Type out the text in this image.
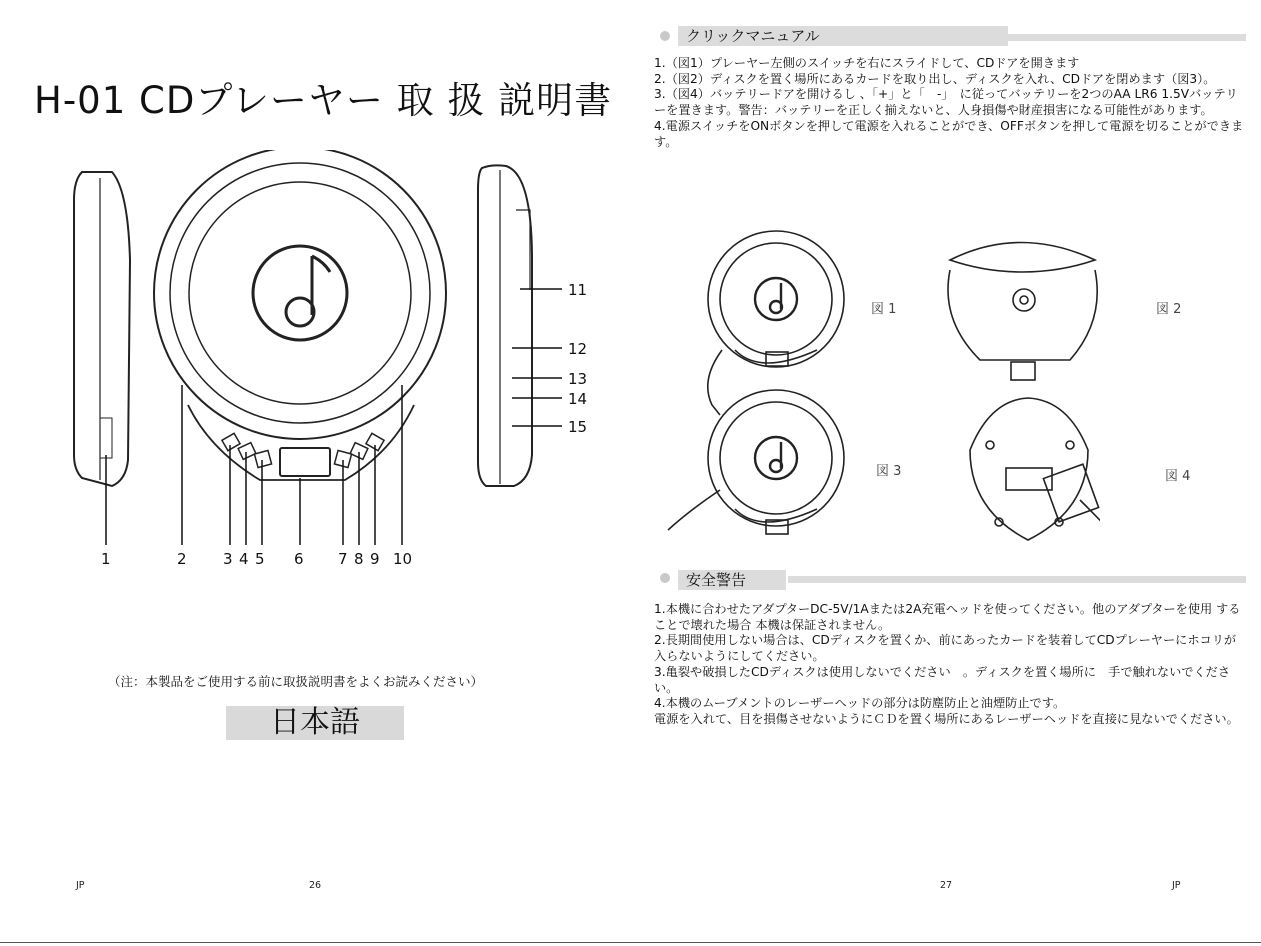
H-01 CDプレーヤー 取 扱 説明書
11
12
13
14
15
1	2 3 4 5 6 7 8 9 10
（注：本製品をご使用する前に取扱説明書をよくお読みください）
日本語
JP	26
クリックマニュアル

1.（図1）プレーヤー左側のスイッチを右にスライドして、CDドアを開きます

2.（図2）ディスクを置く場所にあるカードを取り出し、ディスクを入れ、CDドアを閉めます（図3）。

3.（図4）バッテリードアを開けるし 、「+」と「　-」　に従ってバッテリーを2つのAA LR6 1.5Vバッテリーを置きます。警告：バッテリーを正しく揃えないと、人身損傷や財産損害になる可能性があります。

4.電源スイッチをONボタンを押して電源を入れることができ、OFFボタンを押して電源を切ることができます。

図 1	図 2
図 3	図 4
安全警告

1.本機に合わせたアダプターDC-5V/1Aまたは2A充電ヘッドを使ってください。他のアダプターを使用 することで壊れた場合 本機は保証されません。

2.長期間使用しない場合は、CDディスクを置くか、前にあったカードを装着してCDプレーヤーにホコリが入らないようにしてください。

3.亀裂や破損したCDディスクは使用しないでください　。ディスクを置く場所に　手で触れないでください。

4.本機のムーブメントのレーザーヘッドの部分は防塵防止と油煙防止です。

電源を入れて、目を損傷させないようにＣＤを置く場所にあるレーザーヘッドを直接に見ないでください。

27	JP
